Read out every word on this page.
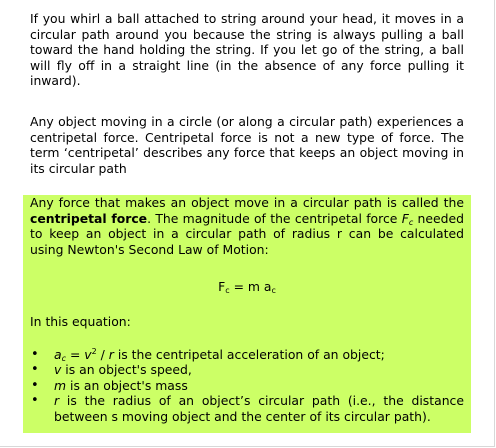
If you whirl a ball attached to string around your head, it moves in a circular path around you because the string is always pulling a ball toward the hand holding the string. If you let go of the string, a ball will fly off in a straight line (in the absence of any force pulling it inward).

Any object moving in a circle (or along a circular path) experiences a centripetal force. Centripetal force is not a new type of force. The term ‘centripetal’ describes any force that keeps an object moving in its circular path

Any force that makes an object move in a circular path is called the centripetal force. The magnitude of the centripetal force $F_c$ needed to keep an object in a circular path of radius r can be calculated using Newton's Second Law of Motion:

$F_c = m$ $a_c$

In this equation:

• $a_c = v^2 / r$ is the centripetal acceleration of an object;
• v is an object's speed,
• m is an object's mass
• r is the radius of an object’s circular path (i.e., the distance between s moving object and the center of its circular path).
